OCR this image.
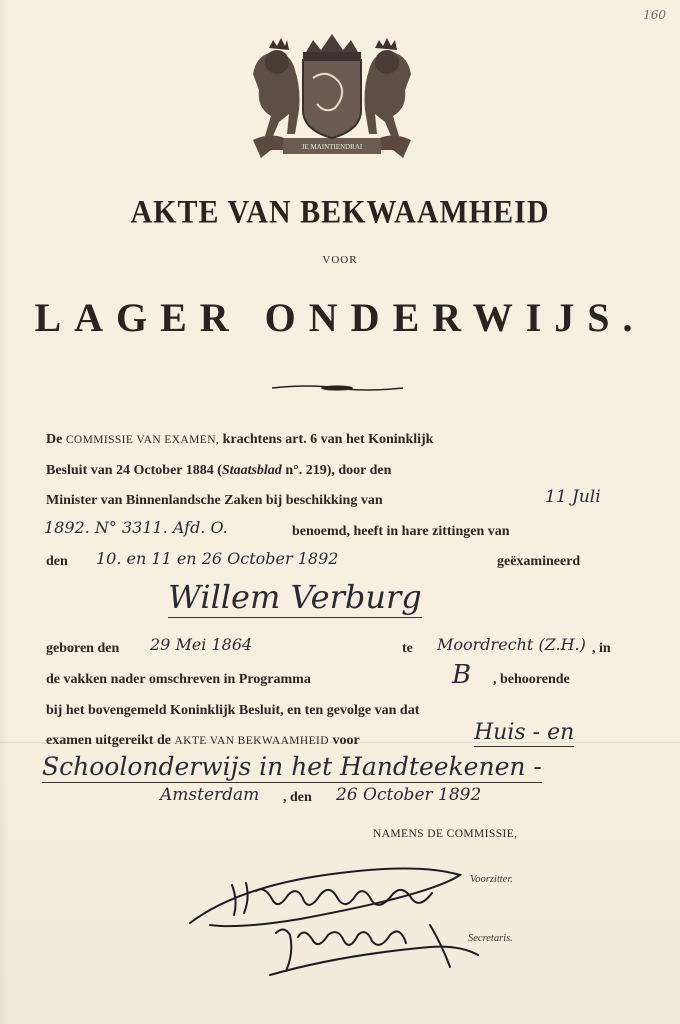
160
JE MAINTIENDRAI
AKTE VAN BEKWAAMHEID
VOOR
LAGER ONDERWIJS.
De COMMISSIE VAN EXAMEN, krachtens art. 6 van het Koninklijk
Besluit van 24 October 1884 (Staatsblad n°. 219), door den
Minister van Binnenlandsche Zaken bij beschikking van	11 Juli
1892. N° 3311. Afd. O.	benoemd, heeft in hare zittingen van
den 10. en 11 en 26 October 1892	geëxamineerd
Willem Verburg
geboren den 29 Mei 1864	te Moordrecht (Z.H.) , in
de vakken nader omschreven in Programma	B , behoorende
bij het bovengemeld Koninklijk Besluit, en ten gevolge van dat
examen uitgereikt de AKTE VAN BEKWAAMHEID voor	Huis - en
Schoolonderwijs in het Handteekenen -
Amsterdam , den 26 October 1892
NAMENS DE COMMISSIE,
Voorzitter.
Secretaris.
